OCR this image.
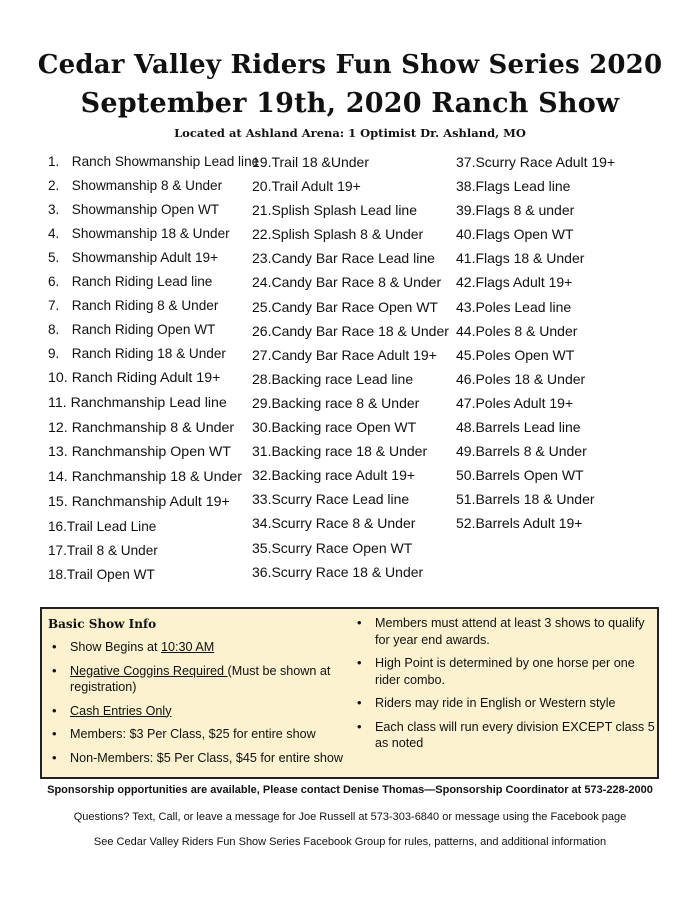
Cedar Valley Riders Fun Show Series 2020
September 19th, 2020 Ranch Show
Located at Ashland Arena: 1 Optimist Dr. Ashland, MO
1. Ranch Showmanship Lead line
2. Showmanship 8 & Under
3. Showmanship Open WT
4. Showmanship 18 & Under
5. Showmanship Adult 19+
6. Ranch Riding Lead line
7. Ranch Riding 8 & Under
8. Ranch Riding Open WT
9. Ranch Riding 18 & Under
10. Ranch Riding Adult 19+
11. Ranchmanship Lead line
12. Ranchmanship 8 & Under
13. Ranchmanship Open WT
14. Ranchmanship 18 & Under
15. Ranchmanship Adult 19+
16.Trail Lead Line
17.Trail 8 & Under
18.Trail Open WT
19.Trail 18 &Under
20.Trail Adult 19+
21.Splish Splash Lead line
22.Splish Splash 8 & Under
23.Candy Bar Race Lead line
24.Candy Bar Race 8 & Under
25.Candy Bar Race Open WT
26.Candy Bar Race 18 & Under
27.Candy Bar Race Adult 19+
28.Backing race Lead line
29.Backing race 8 & Under
30.Backing race Open WT
31.Backing race 18 & Under
32.Backing race Adult 19+
33.Scurry Race Lead line
34.Scurry Race 8 & Under
35.Scurry Race Open WT
36.Scurry Race 18 & Under
37.Scurry Race Adult 19+
38.Flags Lead line
39.Flags 8 & under
40.Flags Open WT
41.Flags 18 & Under
42.Flags Adult 19+
43.Poles Lead line
44.Poles 8 & Under
45.Poles Open WT
46.Poles 18 & Under
47.Poles Adult 19+
48.Barrels Lead line
49.Barrels 8 & Under
50.Barrels Open WT
51.Barrels 18 & Under
52.Barrels Adult 19+
Basic Show Info
• Show Begins at 10:30 AM
• Negative Coggins Required (Must be shown at registration)
• Cash Entries Only
• Members: $3 Per Class, $25 for entire show
• Non-Members: $5 Per Class, $45 for entire show
• Members must attend at least 3 shows to qualify for year end awards.
• High Point is determined by one horse per one rider combo.
• Riders may ride in English or Western style
• Each class will run every division EXCEPT class 5 as noted
Sponsorship opportunities are available, Please contact Denise Thomas—Sponsorship Coordinator at 573-228-2000
Questions? Text, Call, or leave a message for Joe Russell at 573-303-6840 or message using the Facebook page
See Cedar Valley Riders Fun Show Series Facebook Group for rules, patterns, and additional information
